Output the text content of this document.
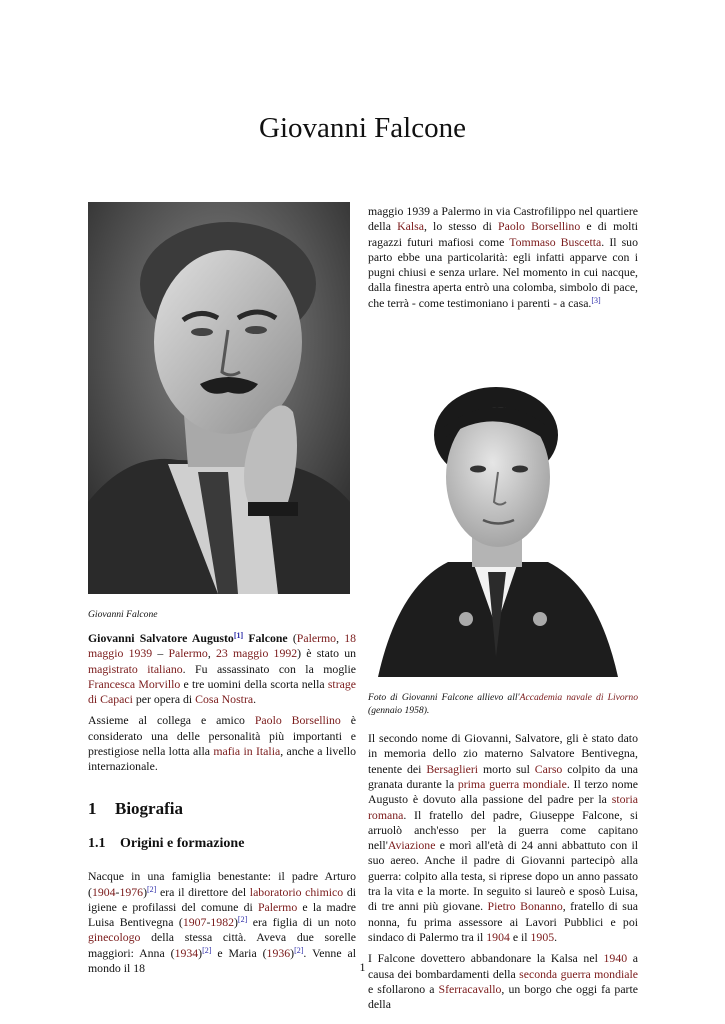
Giovanni Falcone

Giovanni Falcone

Giovanni Salvatore Augusto[1] Falcone (Palermo, 18 maggio 1939 – Palermo, 23 maggio 1992) è stato un magistrato italiano. Fu assassinato con la moglie Francesca Morvillo e tre uomini della scorta nella strage di Capaci per opera di Cosa Nostra.

Assieme al collega e amico Paolo Borsellino è considerato una delle personalità più importanti e prestigiose nella lotta alla mafia in Italia, anche a livello internazionale.

1 Biografia
1.1 Origini e formazione

Nacque in una famiglia benestante: il padre Arturo (1904-1976)[2] era il direttore del laboratorio chimico di igiene e profilassi del comune di Palermo e la madre Luisa Bentivegna (1907-1982)[2] era figlia di un noto ginecologo della stessa città. Aveva due sorelle maggiori: Anna (1934)[2] e Maria (1936)[2]. Venne al mondo il 18

maggio 1939 a Palermo in via Castrofilippo nel quartiere della Kalsa, lo stesso di Paolo Borsellino e di molti ragazzi futuri mafiosi come Tommaso Buscetta. Il suo parto ebbe una particolarità: egli infatti apparve con i pugni chiusi e senza urlare. Nel momento in cui nacque, dalla finestra aperta entrò una colomba, simbolo di pace, che terrà - come testimoniano i parenti - a casa.[3]

Foto di Giovanni Falcone allievo all'Accademia navale di Livorno (gennaio 1958).

Il secondo nome di Giovanni, Salvatore, gli è stato dato in memoria dello zio materno Salvatore Bentivegna, tenente dei Bersaglieri morto sul Carso colpito da una granata durante la prima guerra mondiale. Il terzo nome Augusto è dovuto alla passione del padre per la storia romana. Il fratello del padre, Giuseppe Falcone, si arruolò anch'esso per la guerra come capitano nell'Aviazione e morì all'età di 24 anni abbattuto con il suo aereo. Anche il padre di Giovanni partecipò alla guerra: colpito alla testa, si riprese dopo un anno passato tra la vita e la morte. In seguito si laureò e sposò Luisa, di tre anni più giovane. Pietro Bonanno, fratello di sua nonna, fu prima assessore ai Lavori Pubblici e poi sindaco di Palermo tra il 1904 e il 1905.

I Falcone dovettero abbandonare la Kalsa nel 1940 a causa dei bombardamenti della seconda guerra mondiale e sfollarono a Sferracavallo, un borgo che oggi fa parte della

1
